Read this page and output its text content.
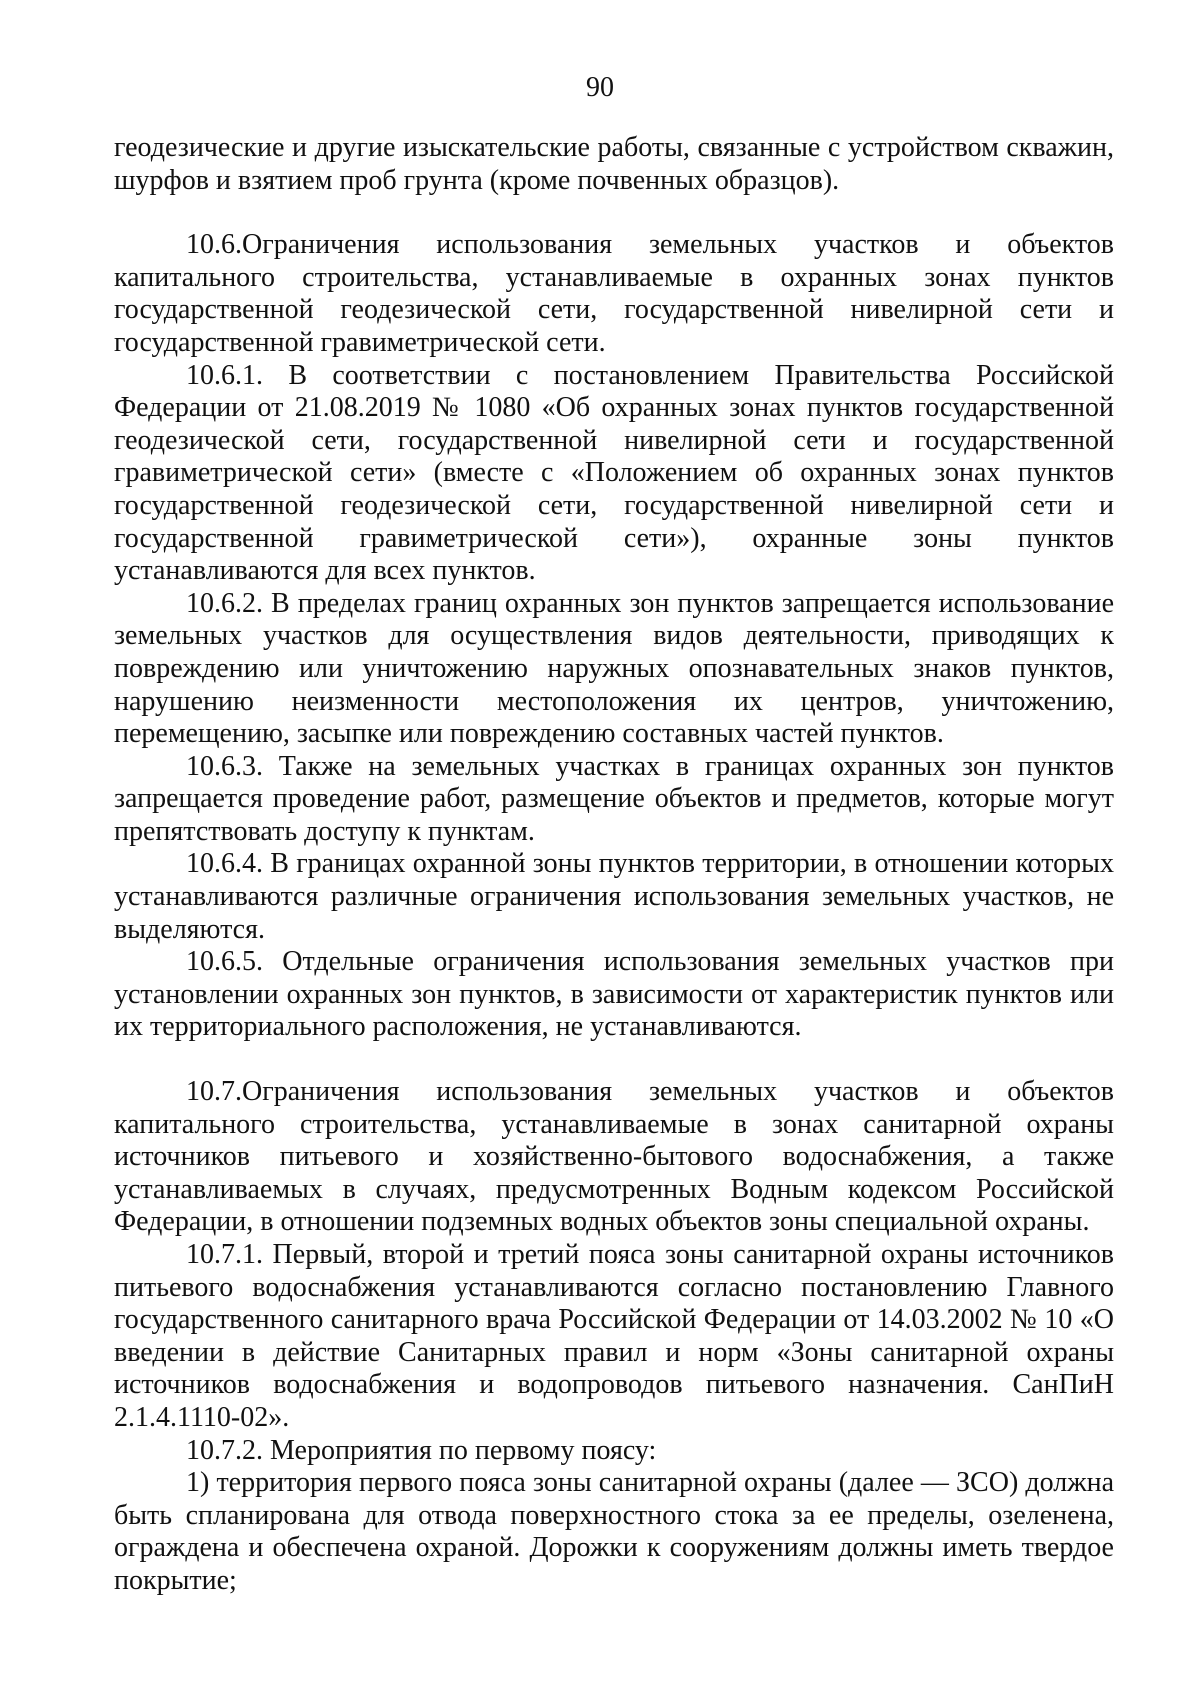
90

геодезические и другие изыскательские работы, связанные с устройством скважин, шурфов и взятием проб грунта (кроме почвенных образцов).

10.6.Ограничения использования земельных участков и объектов капитального строительства, устанавливаемые в охранных зонах пунктов государственной геодезической сети, государственной нивелирной сети и государственной гравиметрической сети.

10.6.1. В соответствии с постановлением Правительства Российской Федерации от 21.08.2019 № 1080 «Об охранных зонах пунктов государственной геодезической сети, государственной нивелирной сети и государственной гравиметрической сети» (вместе с «Положением об охранных зонах пунктов государственной геодезической сети, государственной нивелирной сети и государственной гравиметрической сети»), охранные зоны пунктов устанавливаются для всех пунктов.

10.6.2. В пределах границ охранных зон пунктов запрещается использование земельных участков для осуществления видов деятельности, приводящих к повреждению или уничтожению наружных опознавательных знаков пунктов, нарушению неизменности местоположения их центров, уничтожению, перемещению, засыпке или повреждению составных частей пунктов.

10.6.3. Также на земельных участках в границах охранных зон пунктов запрещается проведение работ, размещение объектов и предметов, которые могут препятствовать доступу к пунктам.

10.6.4. В границах охранной зоны пунктов территории, в отношении которых устанавливаются различные ограничения использования земельных участков, не выделяются.

10.6.5. Отдельные ограничения использования земельных участков при установлении охранных зон пунктов, в зависимости от характеристик пунктов или их территориального расположения, не устанавливаются.

10.7.Ограничения использования земельных участков и объектов капитального строительства, устанавливаемые в зонах санитарной охраны источников питьевого и хозяйственно-бытового водоснабжения, а также устанавливаемых в случаях, предусмотренных Водным кодексом Российской Федерации, в отношении подземных водных объектов зоны специальной охраны.

10.7.1. Первый, второй и третий пояса зоны санитарной охраны источников питьевого водоснабжения устанавливаются согласно постановлению Главного государственного санитарного врача Российской Федерации от 14.03.2002 № 10 «О введении в действие Санитарных правил и норм «Зоны санитарной охраны источников водоснабжения и водопроводов питьевого назначения. СанПиН 2.1.4.1110-02».

10.7.2. Мероприятия по первому поясу:

1) территория первого пояса зоны санитарной охраны (далее — ЗСО) должна быть спланирована для отвода поверхностного стока за ее пределы, озеленена, ограждена и обеспечена охраной. Дорожки к сооружениям должны иметь твердое покрытие;
